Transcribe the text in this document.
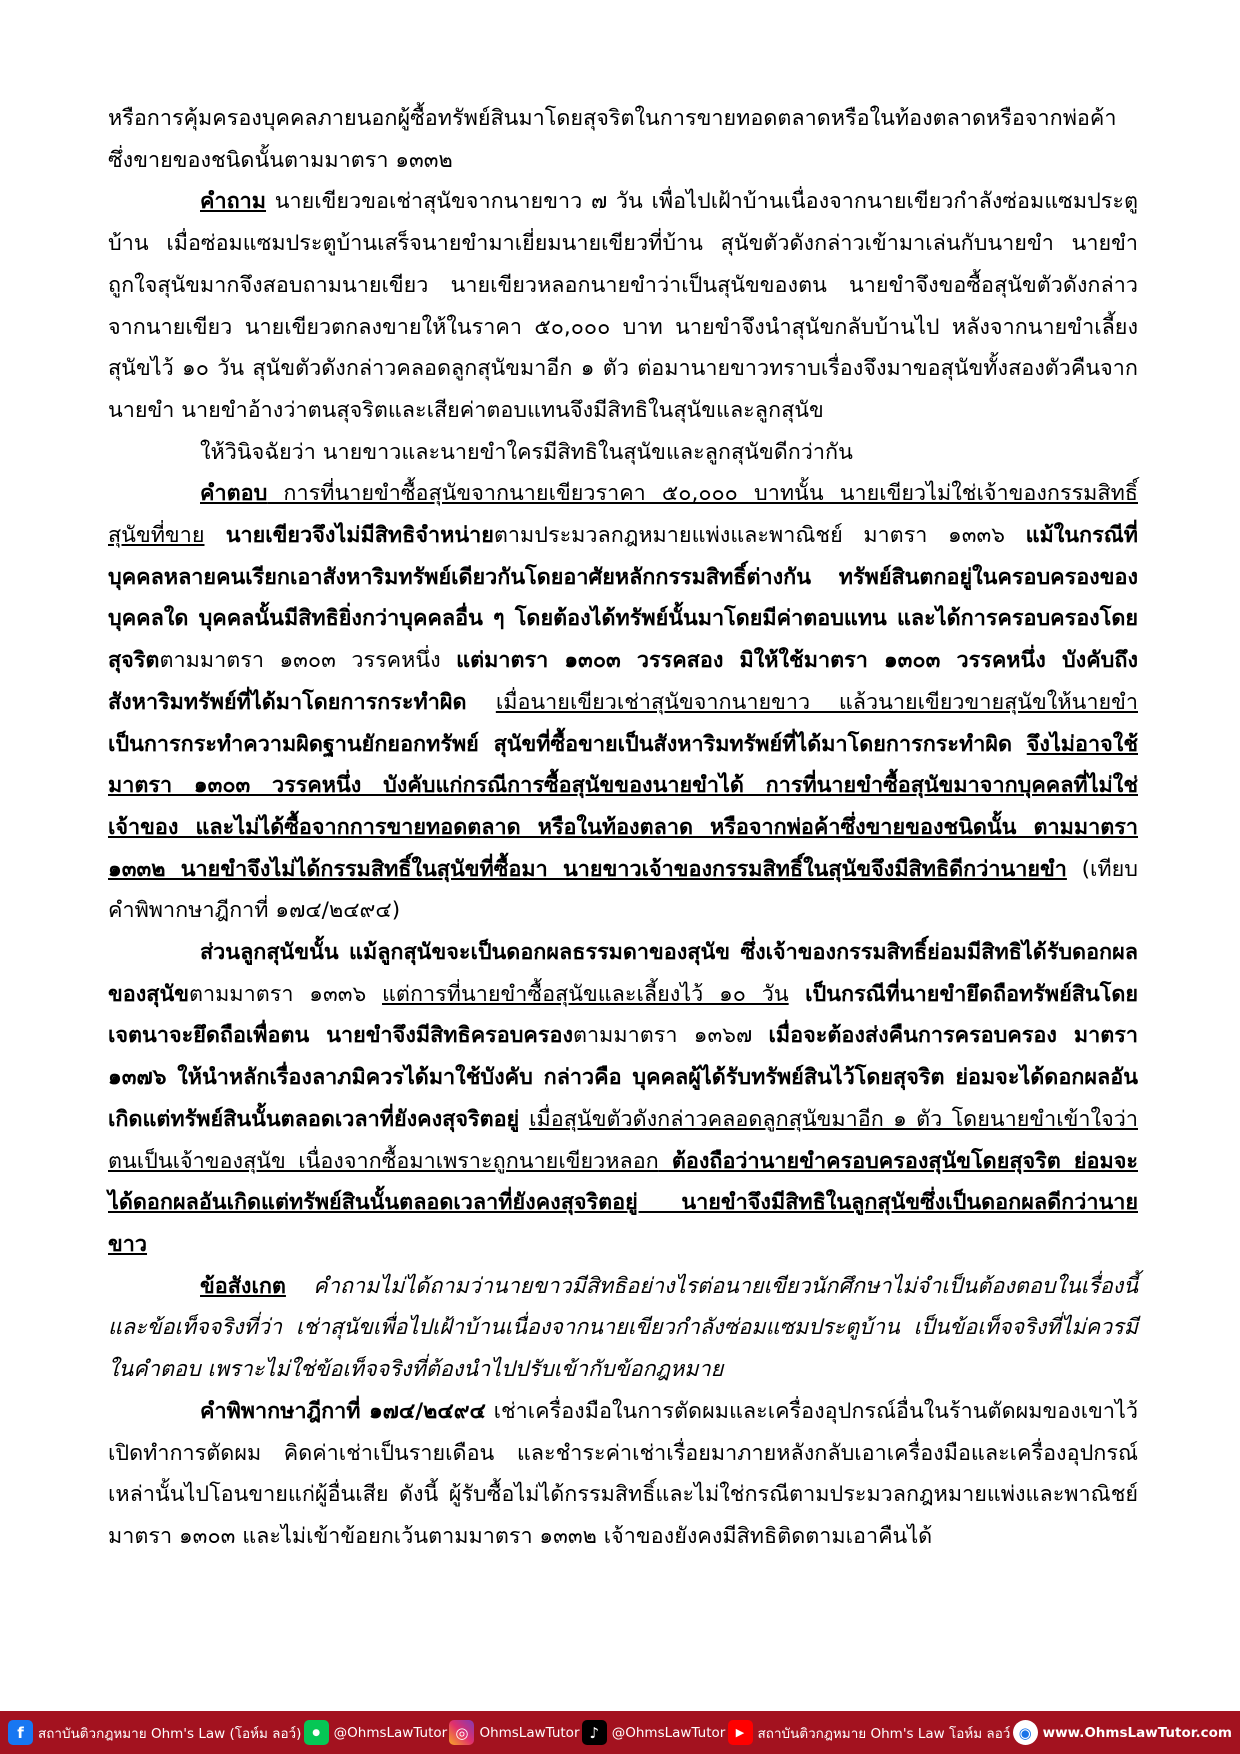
หรือการคุ้มครองบุคคลภายนอกผู้ซื้อทรัพย์สินมาโดยสุจริตในการขายทอดตลาดหรือในท้องตลาดหรือจากพ่อค้าซึ่งขายของชนิดนั้นตามมาตรา ๑๓๓๒

คำถาม นายเขียวขอเช่าสุนัขจากนายขาว ๗ วัน เพื่อไปเฝ้าบ้านเนื่องจากนายเขียวกำลังซ่อมแซมประตูบ้าน เมื่อซ่อมแซมประตูบ้านเสร็จนายขำมาเยี่ยมนายเขียวที่บ้าน สุนัขตัวดังกล่าวเข้ามาเล่นกับนายขำ นายขำถูกใจสุนัขมากจึงสอบถามนายเขียว นายเขียวหลอกนายขำว่าเป็นสุนัขของตน นายขำจึงขอซื้อสุนัขตัวดังกล่าวจากนายเขียว นายเขียวตกลงขายให้ในราคา ๕๐,๐๐๐ บาท นายขำจึงนำสุนัขกลับบ้านไป หลังจากนายขำเลี้ยงสุนัขไว้ ๑๐ วัน สุนัขตัวดังกล่าวคลอดลูกสุนัขมาอีก ๑ ตัว ต่อมานายขาวทราบเรื่องจึงมาขอสุนัขทั้งสองตัวคืนจากนายขำ นายขำอ้างว่าตนสุจริตและเสียค่าตอบแทนจึงมีสิทธิในสุนัขและลูกสุนัข

ให้วินิจฉัยว่า นายขาวและนายขำใครมีสิทธิในสุนัขและลูกสุนัขดีกว่ากัน

คำตอบ การที่นายขำซื้อสุนัขจากนายเขียวราคา ๕๐,๐๐๐ บาทนั้น นายเขียวไม่ใช่เจ้าของกรรมสิทธิ์สุนัขที่ขาย นายเขียวจึงไม่มีสิทธิจำหน่ายตามประมวลกฎหมายแพ่งและพาณิชย์ มาตรา ๑๓๓๖ แม้ในกรณีที่บุคคลหลายคนเรียกเอาสังหาริมทรัพย์เดียวกันโดยอาศัยหลักกรรมสิทธิ์ต่างกัน ทรัพย์สินตกอยู่ในครอบครองของบุคคลใด บุคคลนั้นมีสิทธิยิ่งกว่าบุคคลอื่น ๆ โดยต้องได้ทรัพย์นั้นมาโดยมีค่าตอบแทน และได้การครอบครองโดยสุจริตตามมาตรา ๑๓๐๓ วรรคหนึ่ง แต่มาตรา ๑๓๐๓ วรรคสอง มิให้ใช้มาตรา ๑๓๐๓ วรรคหนึ่ง บังคับถึงสังหาริมทรัพย์ที่ได้มาโดยการกระทำผิด เมื่อนายเขียวเช่าสุนัขจากนายขาว แล้วนายเขียวขายสุนัขให้นายขำ เป็นการกระทำความผิดฐานยักยอกทรัพย์ สุนัขที่ซื้อขายเป็นสังหาริมทรัพย์ที่ได้มาโดยการกระทำผิด จึงไม่อาจใช้มาตรา ๑๓๐๓ วรรคหนึ่ง บังคับแก่กรณีการซื้อสุนัขของนายขำได้ การที่นายขำซื้อสุนัขมาจากบุคคลที่ไม่ใช่เจ้าของ และไม่ได้ซื้อจากการขายทอดตลาด หรือในท้องตลาด หรือจากพ่อค้าซึ่งขายของชนิดนั้น ตามมาตรา ๑๓๓๒ นายขำจึงไม่ได้กรรมสิทธิ์ในสุนัขที่ซื้อมา นายขาวเจ้าของกรรมสิทธิ์ในสุนัขจึงมีสิทธิดีกว่านายขำ (เทียบคำพิพากษาฎีกาที่ ๑๗๔/๒๔๙๔)

ส่วนลูกสุนัขนั้น แม้ลูกสุนัขจะเป็นดอกผลธรรมดาของสุนัข ซึ่งเจ้าของกรรมสิทธิ์ย่อมมีสิทธิได้รับดอกผลของสุนัขตามมาตรา ๑๓๓๖ แต่การที่นายขำซื้อสุนัขและเลี้ยงไว้ ๑๐ วัน เป็นกรณีที่นายขำยึดถือทรัพย์สินโดยเจตนาจะยึดถือเพื่อตน นายขำจึงมีสิทธิครอบครองตามมาตรา ๑๓๖๗ เมื่อจะต้องส่งคืนการครอบครอง มาตรา ๑๓๗๖ ให้นำหลักเรื่องลาภมิควรได้มาใช้บังคับ กล่าวคือ บุคคลผู้ได้รับทรัพย์สินไว้โดยสุจริต ย่อมจะได้ดอกผลอันเกิดแต่ทรัพย์สินนั้นตลอดเวลาที่ยังคงสุจริตอยู่ เมื่อสุนัขตัวดังกล่าวคลอดลูกสุนัขมาอีก ๑ ตัว โดยนายขำเข้าใจว่าตนเป็นเจ้าของสุนัข เนื่องจากซื้อมาเพราะถูกนายเขียวหลอก ต้องถือว่านายขำครอบครองสุนัขโดยสุจริต ย่อมจะได้ดอกผลอันเกิดแต่ทรัพย์สินนั้นตลอดเวลาที่ยังคงสุจริตอยู่ นายขำจึงมีสิทธิในลูกสุนัขซึ่งเป็นดอกผลดีกว่านายขาว

ข้อสังเกต คำถามไม่ได้ถามว่านายขาวมีสิทธิอย่างไรต่อนายเขียวนักศึกษาไม่จำเป็นต้องตอบในเรื่องนี้ และข้อเท็จจริงที่ว่า เช่าสุนัขเพื่อไปเฝ้าบ้านเนื่องจากนายเขียวกำลังซ่อมแซมประตูบ้าน เป็นข้อเท็จจริงที่ไม่ควรมีในคำตอบ เพราะไม่ใช่ข้อเท็จจริงที่ต้องนำไปปรับเข้ากับข้อกฎหมาย

คำพิพากษาฎีกาที่ ๑๗๔/๒๔๙๔ เช่าเครื่องมือในการตัดผมและเครื่องอุปกรณ์อื่นในร้านตัดผมของเขาไว้ เปิดทำการตัดผม คิดค่าเช่าเป็นรายเดือน และชำระค่าเช่าเรื่อยมาภายหลังกลับเอาเครื่องมือและเครื่องอุปกรณ์เหล่านั้นไปโอนขายแก่ผู้อื่นเสีย ดังนี้ ผู้รับซื้อไม่ได้กรรมสิทธิ์และไม่ใช่กรณีตามประมวลกฎหมายแพ่งและพาณิชย์มาตรา ๑๓๐๓ และไม่เข้าข้อยกเว้นตามมาตรา ๑๓๓๒ เจ้าของยังคงมีสิทธิติดตามเอาคืนได้

f	สถาบันติวกฎหมาย Ohm's Law (โอห์ม ลอว์)	●	@OhmsLawTutor ◎ OhmsLawTutor ♪ @OhmsLawTutor ▶ สถาบันติวกฎหมาย Ohm's Law โอห์ม ลอว์ ◉ www.OhmsLawTutor.com
